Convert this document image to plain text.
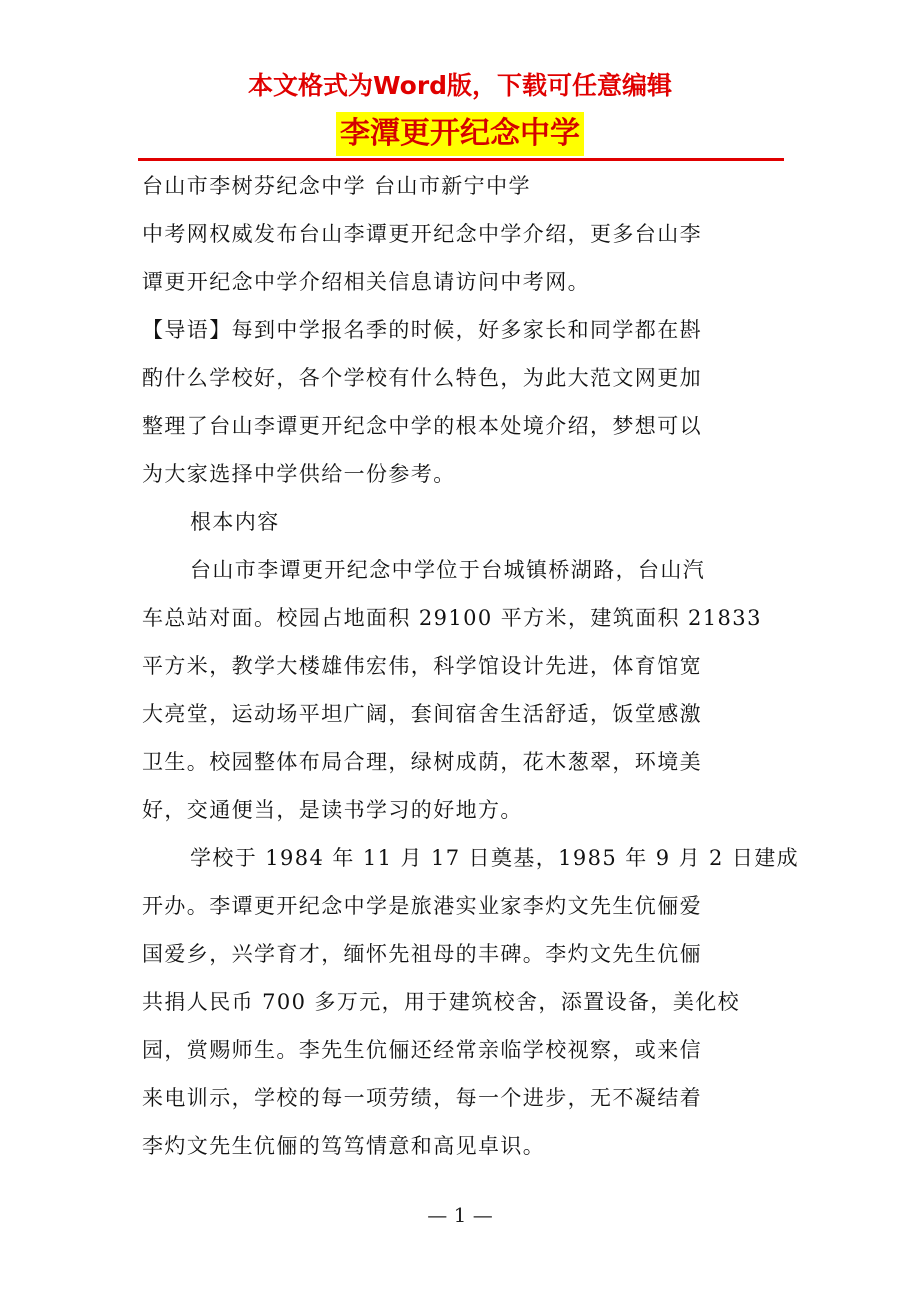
本文格式为Word版，下载可任意编辑
李潭更开纪念中学
台山市李树芬纪念中学 台山市新宁中学
中考网权威发布台山李谭更开纪念中学介绍，更多台山李
谭更开纪念中学介绍相关信息请访问中考网。
【导语】每到中学报名季的时候，好多家长和同学都在斟
酌什么学校好，各个学校有什么特色，为此大范文网更加
整理了台山李谭更开纪念中学的根本处境介绍，梦想可以
为大家选择中学供给一份参考。
根本内容
台山市李谭更开纪念中学位于台城镇桥湖路，台山汽
车总站对面。校园占地面积 29100 平方米，建筑面积 21833
平方米，教学大楼雄伟宏伟，科学馆设计先进，体育馆宽
大亮堂，运动场平坦广阔，套间宿舍生活舒适，饭堂感激
卫生。校园整体布局合理，绿树成荫，花木葱翠，环境美
好，交通便当，是读书学习的好地方。
学校于 1984 年 11 月 17 日奠基，1985 年 9 月 2 日建成
开办。李谭更开纪念中学是旅港实业家李灼文先生伉俪爱
国爱乡，兴学育才，缅怀先祖母的丰碑。李灼文先生伉俪
共捐人民币 700 多万元，用于建筑校舍，添置设备，美化校
园，赏赐师生。李先生伉俪还经常亲临学校视察，或来信
来电训示，学校的每一项劳绩，每一个进步，无不凝结着
李灼文先生伉俪的笃笃情意和高见卓识。
— 1 —
